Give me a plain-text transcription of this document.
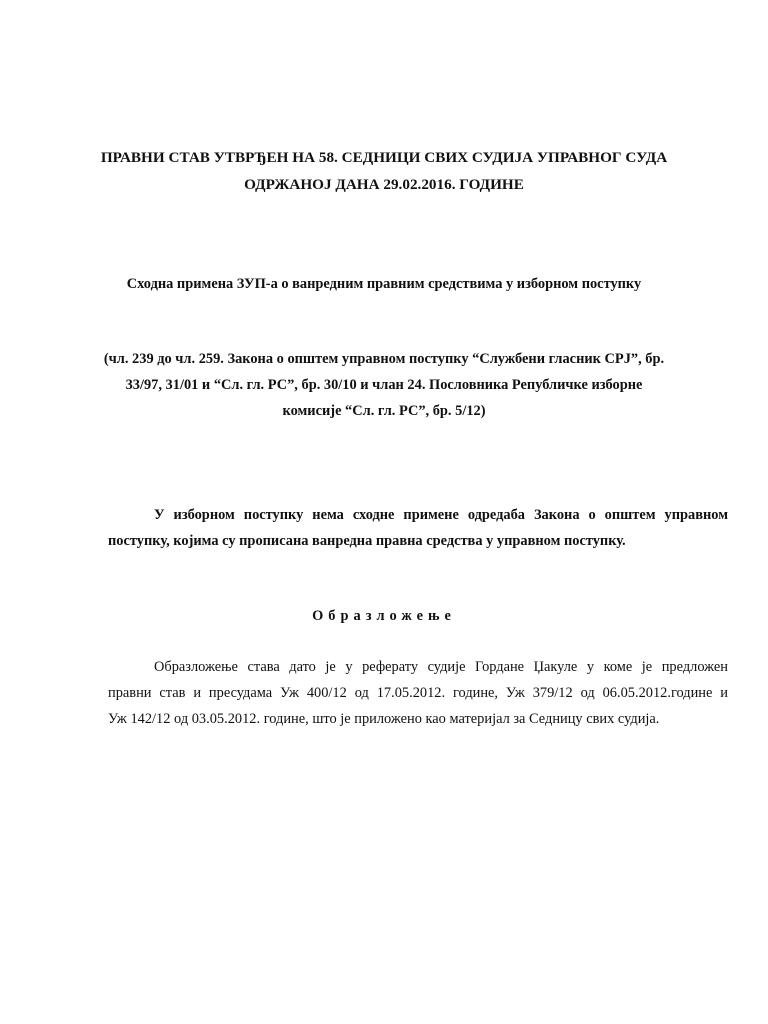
ПРАВНИ СТАВ УТВРЂЕН НА 58. СЕДНИЦИ СВИХ СУДИЈА УПРАВНОГ СУДА
ОДРЖАНОЈ ДАНА 29.02.2016. ГОДИНЕ
Сходна примена ЗУП-а о ванредним правним средствима у изборном поступку
(чл. 239 до чл. 259. Закона о општем управном поступку “Службени гласник СРЈ”, бр.
33/97, 31/01 и “Сл. гл. РС”, бр. 30/10 и члан 24. Пословника Републичке изборне
комисије “Сл. гл. РС”, бр. 5/12)
У изборном поступку нема сходне примене одредаба Закона о општем управном
поступку, којима су прописана ванредна правна средства у управном поступку.
Образложење
Образложење става дато је у реферату судије Гордане Џакуле у коме је предложен
правни став и пресудама Уж 400/12 од 17.05.2012. године, Уж 379/12 од 06.05.2012.године и
Уж 142/12 од 03.05.2012. године, што је приложено као материјал за Седницу свих судија.
